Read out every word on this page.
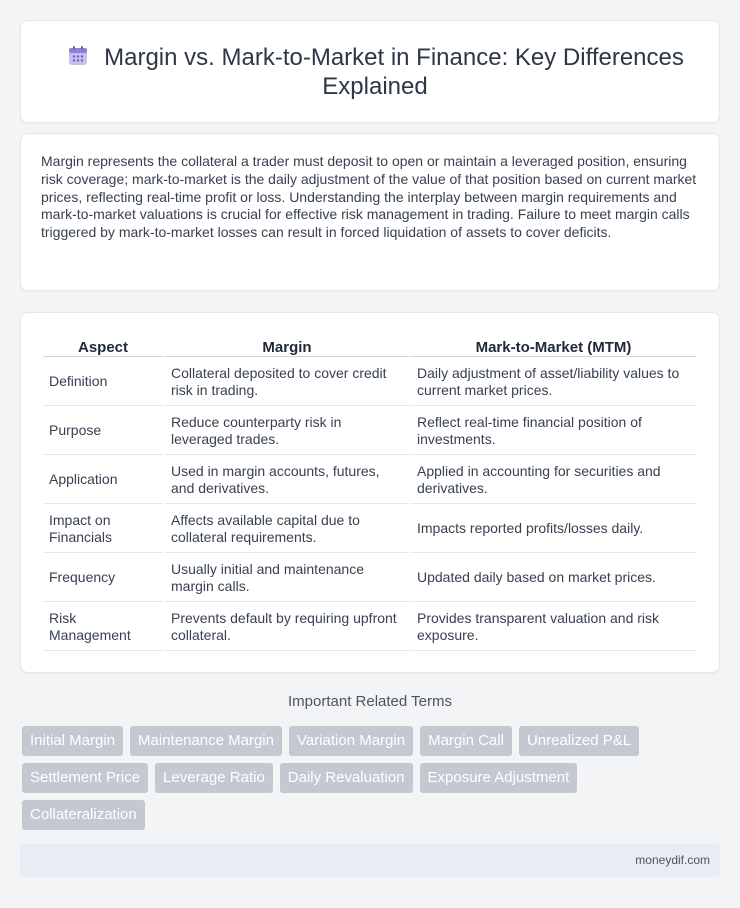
Margin vs. Mark-to-Market in Finance: Key Differences Explained

Margin represents the collateral a trader must deposit to open or maintain a leveraged position, ensuring risk coverage; mark-to-market is the daily adjustment of the value of that position based on current market prices, reflecting real-time profit or loss. Understanding the interplay between margin requirements and mark-to-market valuations is crucial for effective risk management in trading. Failure to meet margin calls triggered by mark-to-market losses can result in forced liquidation of assets to cover deficits.

Aspect	Margin	Mark-to-Market (MTM)
Definition	Collateral deposited to cover credit risk in trading.	Daily adjustment of asset/liability values to current market prices.
Purpose	Reduce counterparty risk in leveraged trades.	Reflect real-time financial position of investments.
Application	Used in margin accounts, futures, and derivatives.	Applied in accounting for securities and derivatives.
Impact on Financials	Affects available capital due to collateral requirements.	Impacts reported profits/losses daily.
Frequency	Usually initial and maintenance margin calls.	Updated daily based on market prices.
Risk Management	Prevents default by requiring upfront collateral.	Provides transparent valuation and risk exposure.
Important Related Terms
Initial Margin	Maintenance Margin	Variation Margin	Margin Call	Unrealized P&L
Settlement Price	Leverage Ratio	Daily Revaluation	Exposure Adjustment
Collateralization
moneydif.com
